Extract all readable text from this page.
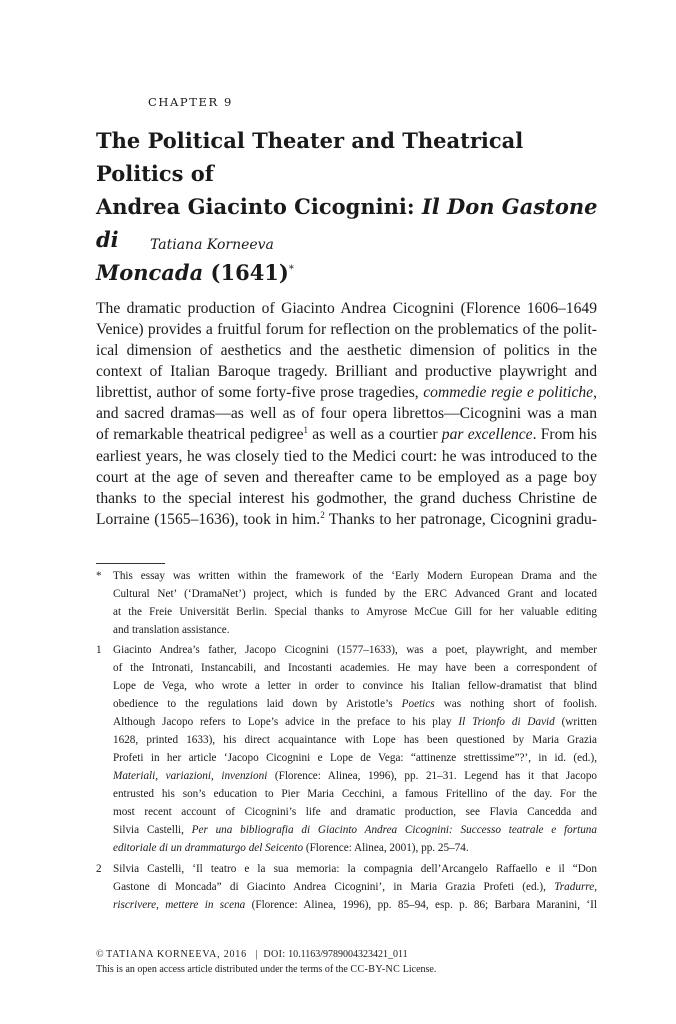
CHAPTER 9
The Political Theater and Theatrical Politics of
Andrea Giacinto Cicognini: Il Don Gastone di
Moncada (1641)*
Tatiana Korneeva
The dramatic production of Giacinto Andrea Cicognini (Florence 1606–1649
Venice) provides a fruitful forum for reflection on the problematics of the polit-
ical dimension of aesthetics and the aesthetic dimension of politics in the
context of Italian Baroque tragedy. Brilliant and productive playwright and
librettist, author of some forty-five prose tragedies, commedie regie e politiche,
and sacred dramas—as well as of four opera librettos—Cicognini was a man
of remarkable theatrical pedigree$^1$ as well as a courtier par excellence. From his
earliest years, he was closely tied to the Medici court: he was introduced to the
court at the age of seven and thereafter came to be employed as a page boy
thanks to the special interest his godmother, the grand duchess Christine de
Lorraine (1565–1636), took in him.$^2$ Thanks to her patronage, Cicognini gradu-
* This essay was written within the framework of the ‘Early Modern European Drama and the
Cultural Net’ (‘DramaNet’) project, which is funded by the ERC Advanced Grant and located
at the Freie Universität Berlin. Special thanks to Amyrose McCue Gill for her valuable editing
and translation assistance.
1 Giacinto Andrea’s father, Jacopo Cicognini (1577–1633), was a poet, playwright, and member
of the Intronati, Instancabili, and Incostanti academies. He may have been a correspondent of
Lope de Vega, who wrote a letter in order to convince his Italian fellow-dramatist that blind
obedience to the regulations laid down by Aristotle’s Poetics was nothing short of foolish.
Although Jacopo refers to Lope’s advice in the preface to his play Il Trionfo di David (written
1628, printed 1633), his direct acquaintance with Lope has been questioned by Maria Grazia
Profeti in her article ‘Jacopo Cicognini e Lope de Vega: “attinenze strettissime”?’, in id. (ed.),
Materiali, variazioni, invenzioni (Florence: Alinea, 1996), pp. 21–31. Legend has it that Jacopo
entrusted his son’s education to Pier Maria Cecchini, a famous Fritellino of the day. For the
most recent account of Cicognini’s life and dramatic production, see Flavia Cancedda and
Silvia Castelli, Per una bibliografia di Giacinto Andrea Cicognini: Successo teatrale e fortuna
editoriale di un drammaturgo del Seicento (Florence: Alinea, 2001), pp. 25–74.
2 Silvia Castelli, ‘Il teatro e la sua memoria: la compagnia dell’Arcangelo Raffaello e il “Don
Gastone di Moncada” di Giacinto Andrea Cicognini’, in Maria Grazia Profeti (ed.), Tradurre,
riscrivere, mettere in scena (Florence: Alinea, 1996), pp. 85–94, esp. p. 86; Barbara Maranini, ‘Il
© TATIANA KORNEEVA, 2016 | DOI: 10.1163/9789004323421_011
This is an open access article distributed under the terms of the CC-BY-NC License.
